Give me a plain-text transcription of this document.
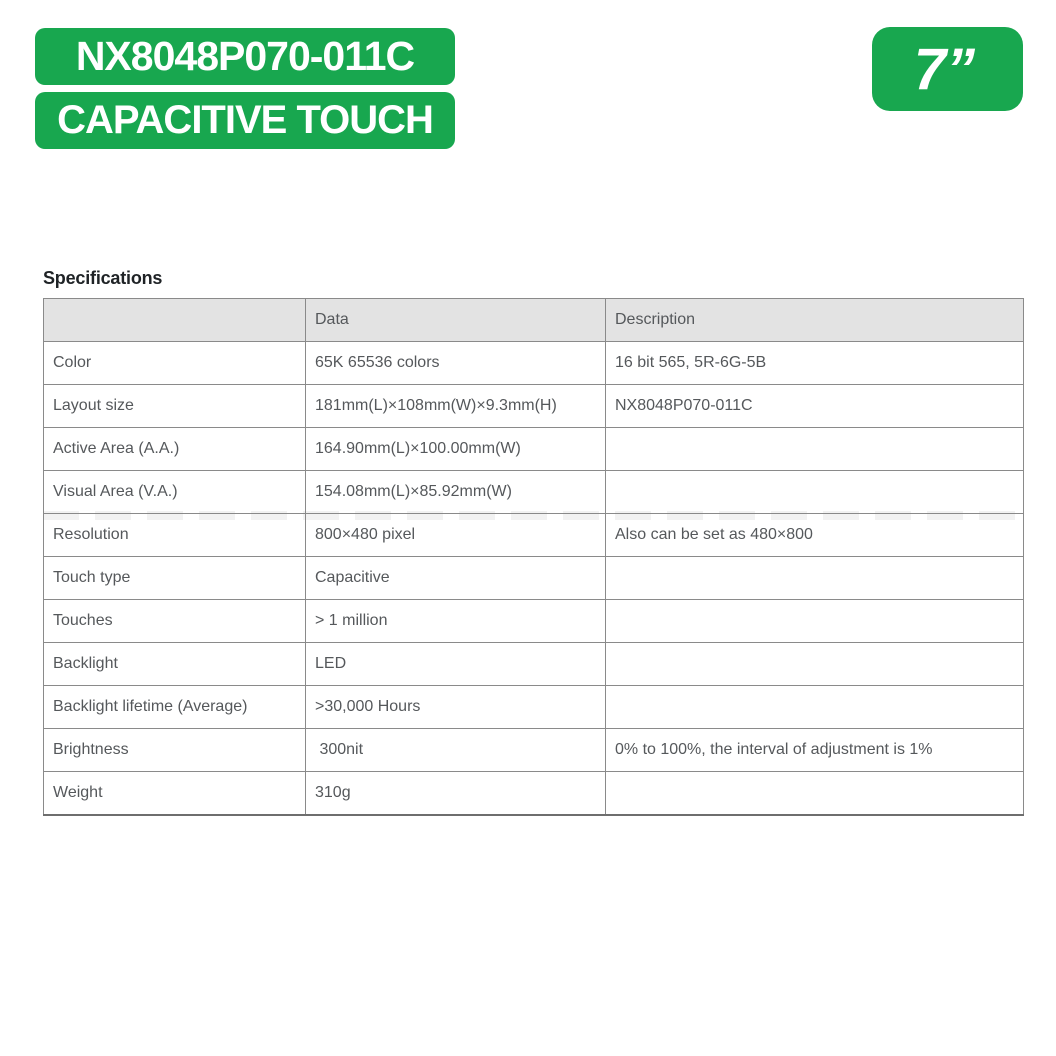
NX8048P070-011C
CAPACITIVE TOUCH
7”
Specifications
	Data	Description
Color	65K 65536 colors	16 bit 565, 5R-6G-5B
Layout size	181mm(L)×108mm(W)×9.3mm(H)	NX8048P070-011C
Active Area (A.A.)	164.90mm(L)×100.00mm(W)	
Visual Area (V.A.)	154.08mm(L)×85.92mm(W)	
Resolution	800×480 pixel	Also can be set as 480×800
Touch type	Capacitive	
Touches	> 1 million	
Backlight	LED	
Backlight lifetime (Average)	>30,000 Hours	
Brightness	300nit	0% to 100%, the interval of adjustment is 1%
Weight	310g	
